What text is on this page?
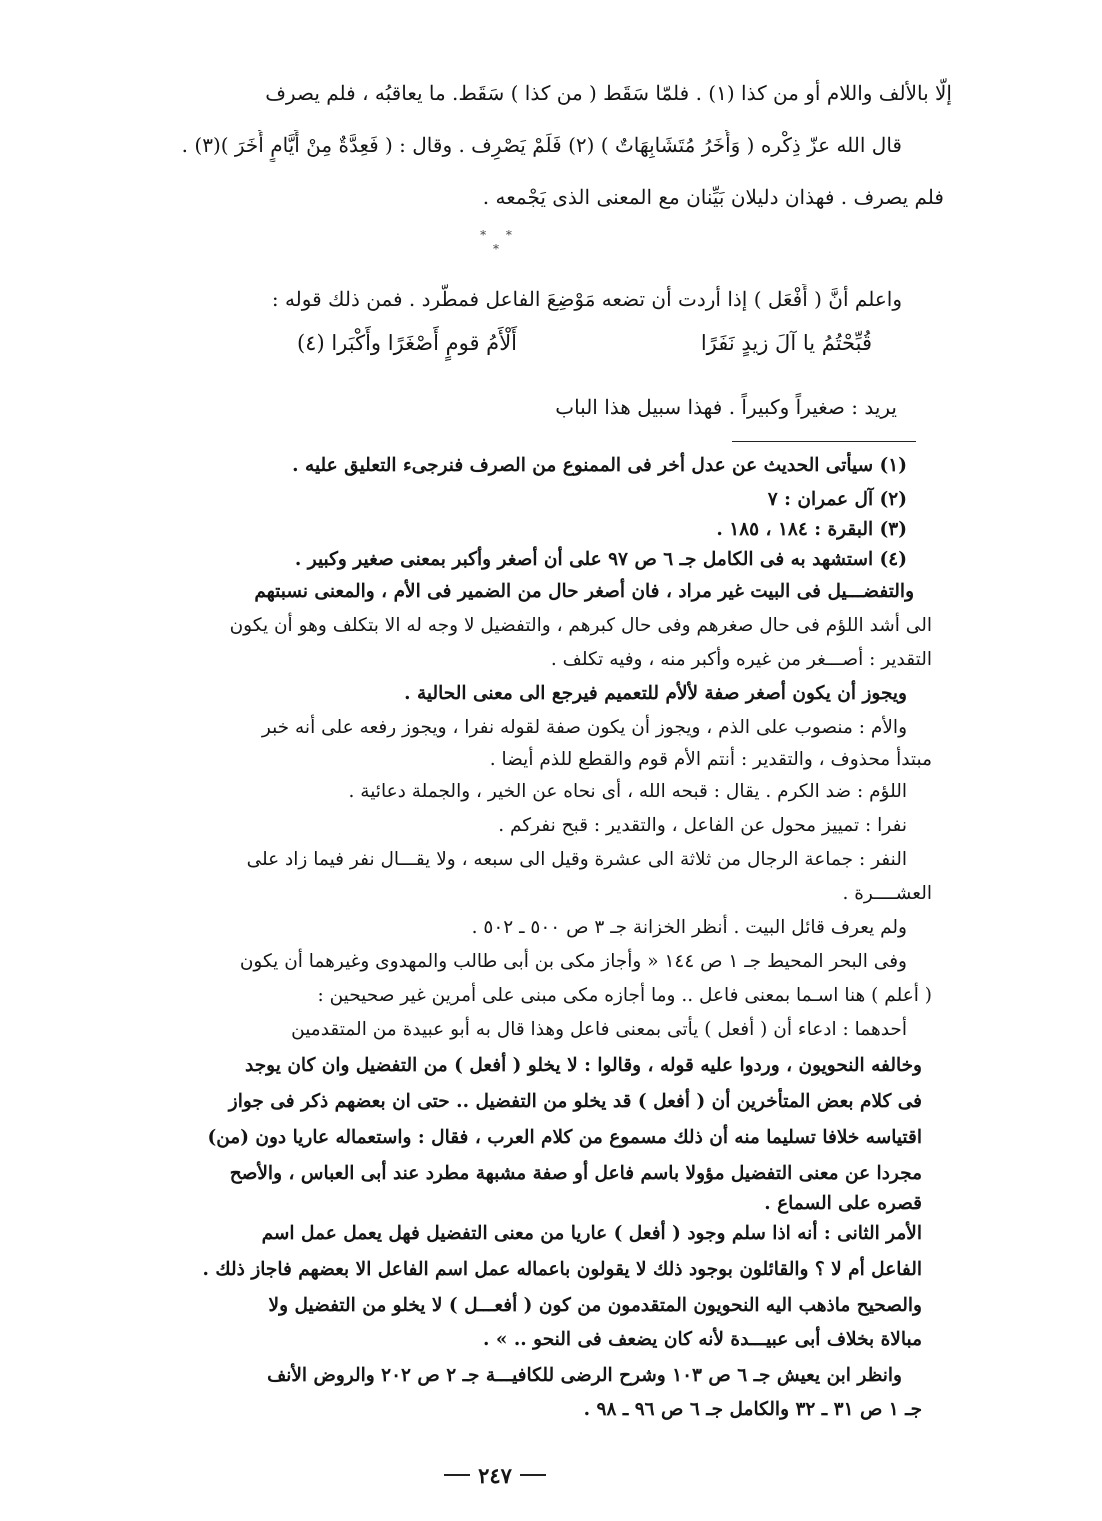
إلّا بالألف واللام أو من كذا (١) . فلمّا سَقَط ( من كذا ) سَقَط. ما يعاقبُه ، فلم يصرف
قال الله عزّ ذِكْره ( وَأُخَرُ مُتَشَابِهَاتٌ ) (٢) فَلَمْ يَصْرِف . وقال : ( فَعِدَّةٌ مِنْ أَيَّامٍ أُخَرَ )(٣) .
فلم يصرف . فهذان دليلان بَيِّنان مع المعنى الذى يَجْمعه .
* * *
واعلم أنَّ ( أَفْعَل ) إذا أردت أن تضعه مَوْضِعَ الفاعل فمطّرد . فمن ذلك قوله :
قُبِّحْتُمُ يا آلَ زيدٍ نَفَرًا
أَلْأَمُ قومٍ أَصْغَرًا وأَكْبَرا (٤)
يريد : صغيراً وكبيراً . فهذا سبيل هذا الباب
(١) سيأتى الحديث عن عدل أخر فى الممنوع من الصرف فنرجىء التعليق عليه .
(٢) آل عمران : ٧
(٣) البقرة : ١٨٤ ، ١٨٥ .
(٤) استشهد به فى الكامل جـ ٦ ص ٩٧ على أن أصغر وأكبر بمعنى صغير وكبير .
والتفضـــيل فى البيت غير مراد ، فان أصغر حال من الضمير فى الأم ، والمعنى نسبتهم
الى أشد اللؤم فى حال صغرهم وفى حال كبرهم ، والتفضيل لا وجه له الا بتكلف وهو أن يكون
التقدير : أصـــغر من غيره وأكبر منه ، وفيه تكلف .
ويجوز أن يكون أصغر صفة لألأم للتعميم فيرجع الى معنى الحالية .
والأم : منصوب على الذم ، ويجوز أن يكون صفة لقوله نفرا ، ويجوز رفعه على أنه خبر
مبتدأ محذوف ، والتقدير : أنتم الأم قوم والقطع للذم أيضا .
اللؤم : ضد الكرم . يقال : قبحه الله ، أى نحاه عن الخير ، والجملة دعائية .
نفرا : تمييز محول عن الفاعل ، والتقدير : قبح نفركم .
النفر : جماعة الرجال من ثلاثة الى عشرة وقيل الى سبعه ، ولا يقـــال نفر فيما زاد على
العشــــرة .
ولم يعرف قائل البيت . أنظر الخزانة جـ ٣ ص ٥٠٠ ـ ٥٠٢ .
وفى البحر المحيط جـ ١ ص ١٤٤ « وأجاز مكى بن أبى طالب والمهدوى وغيرهما أن يكون
( أعلم ) هنا اسـما بمعنى فاعل .. وما أجازه مكى مبنى على أمرين غير صحيحين :
أحدهما : ادعاء أن ( أفعل ) يأتى بمعنى فاعل وهذا قال به أبو عبيدة من المتقدمين
وخالفه النحويون ، وردوا عليه قوله ، وقالوا : لا يخلو ( أفعل ) من التفضيل وان كان يوجد
فى كلام بعض المتأخرين أن ( أفعل ) قد يخلو من التفضيل .. حتى ان بعضهم ذكر فى جواز
اقتياسه خلافا تسليما منه أن ذلك مسموع من كلام العرب ، فقال : واستعماله عاريا دون (من)
مجردا عن معنى التفضيل مؤولا باسم فاعل أو صفة مشبهة مطرد عند أبى العباس ، والأصح
قصره على السماع .
الأمر الثانى : أنه اذا سلم وجود ( أفعل ) عاريا من معنى التفضيل فهل يعمل عمل اسم
الفاعل أم لا ؟ والقائلون بوجود ذلك لا يقولون باعماله عمل اسم الفاعل الا بعضهم فاجاز ذلك .
والصحيح ماذهب اليه النحويون المتقدمون من كون ( أفعـــل ) لا يخلو من التفضيل ولا
مبالاة بخلاف أبى عبيـــدة لأنه كان يضعف فى النحو .. » .
وانظر ابن يعيش جـ ٦ ص ١٠٣ وشرح الرضى للكافيـــة جـ ٢ ص ٢٠٢ والروض الأنف
جـ ١ ص ٣١ ـ ٣٢ والكامل جـ ٦ ص ٩٦ ـ ٩٨ .
٢٤٧
